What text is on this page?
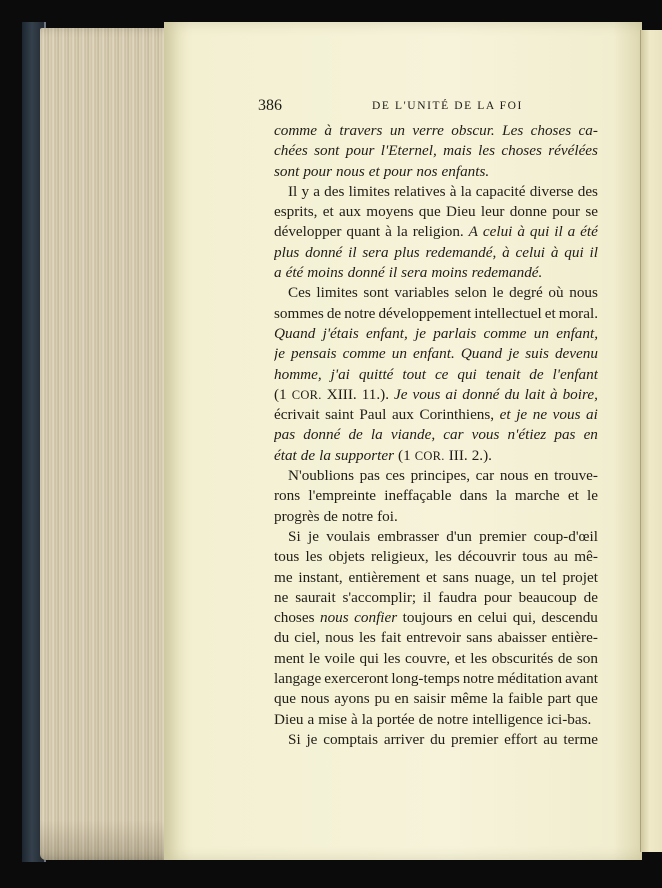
386	DE L'UNITÉ DE LA FOI
comme à travers un verre obscur. Les choses ca-
chées sont pour l'Eternel, mais les choses révélées
sont pour nous et pour nos enfants.
Il y a des limites relatives à la capacité diverse des
esprits, et aux moyens que Dieu leur donne pour se
développer quant à la religion. A celui à qui il a été
plus donné il sera plus redemandé, à celui à qui il
a été moins donné il sera moins redemandé.
Ces limites sont variables selon le degré où nous
sommes de notre développement intellectuel et moral.
Quand j'étais enfant, je parlais comme un enfant,
je pensais comme un enfant. Quand je suis devenu
homme, j'ai quitté tout ce qui tenait de l'enfant
(1 COR. XIII. 11.). Je vous ai donné du lait à boire,
écrivait saint Paul aux Corinthiens, et je ne vous ai
pas donné de la viande, car vous n'étiez pas en
état de la supporter (1 COR. III. 2.).
N'oublions pas ces principes, car nous en trouve-
rons l'empreinte ineffaçable dans la marche et le
progrès de notre foi.
Si je voulais embrasser d'un premier coup-d'œil
tous les objets religieux, les découvrir tous au mê-
me instant, entièrement et sans nuage, un tel projet
ne saurait s'accomplir; il faudra pour beaucoup de
choses nous confier toujours en celui qui, descendu
du ciel, nous les fait entrevoir sans abaisser entière-
ment le voile qui les couvre, et les obscurités de son
langage exerceront long-temps notre méditation avant
que nous ayons pu en saisir même la faible part que
Dieu a mise à la portée de notre intelligence ici-bas.
Si je comptais arriver du premier effort au terme
